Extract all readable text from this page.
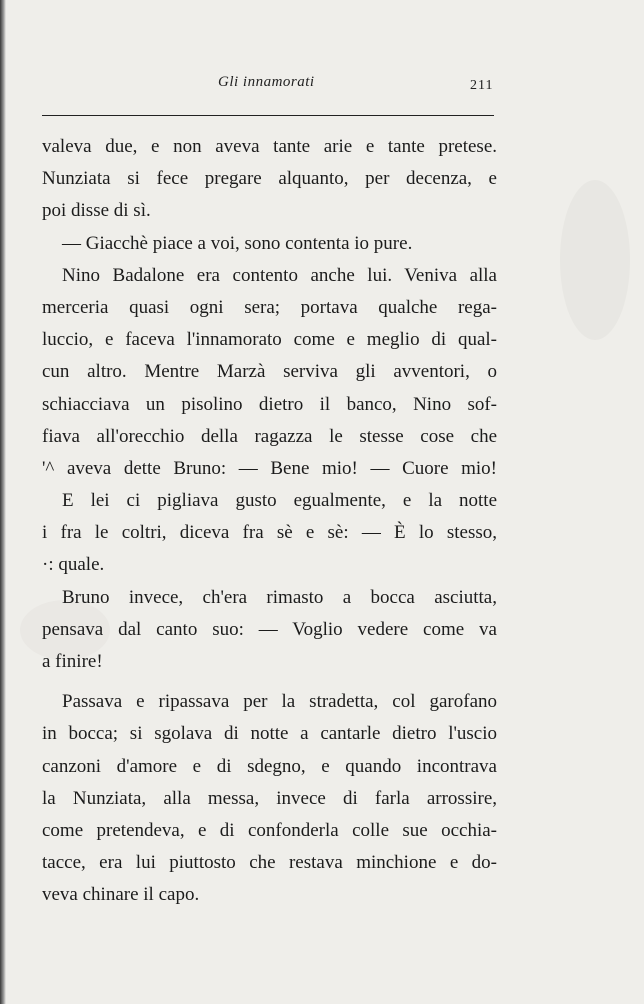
Gli innamorati	211
valeva due, e non aveva tante arie e tante pretese.
Nunziata si fece pregare alquanto, per decenza, e
poi disse di sì.
— Giacchè piace a voi, sono contenta io pure.
Nino Badalone era contento anche lui. Veniva alla
merceria quasi ogni sera; portava qualche rega-
luccio, e faceva l'innamorato come e meglio di qual-
cun altro. Mentre Marzà serviva gli avventori, o
schiacciava un pisolino dietro il banco, Nino sof-
fiava all'orecchio della ragazza le stesse cose che
'^ aveva dette Bruno: — Bene mio! — Cuore mio!
E lei ci pigliava gusto egualmente, e la notte
i fra le coltri, diceva fra sè e sè: — È lo stesso,
·: quale.
Bruno invece, ch'era rimasto a bocca asciutta,
pensava dal canto suo: — Voglio vedere come va
a finire!
Passava e ripassava per la stradetta, col garofano
in bocca; si sgolava di notte a cantarle dietro l'uscio
canzoni d'amore e di sdegno, e quando incontrava
la Nunziata, alla messa, invece di farla arrossire,
come pretendeva, e di confonderla colle sue occhia-
tacce, era lui piuttosto che restava minchione e do-
veva chinare il capo.
